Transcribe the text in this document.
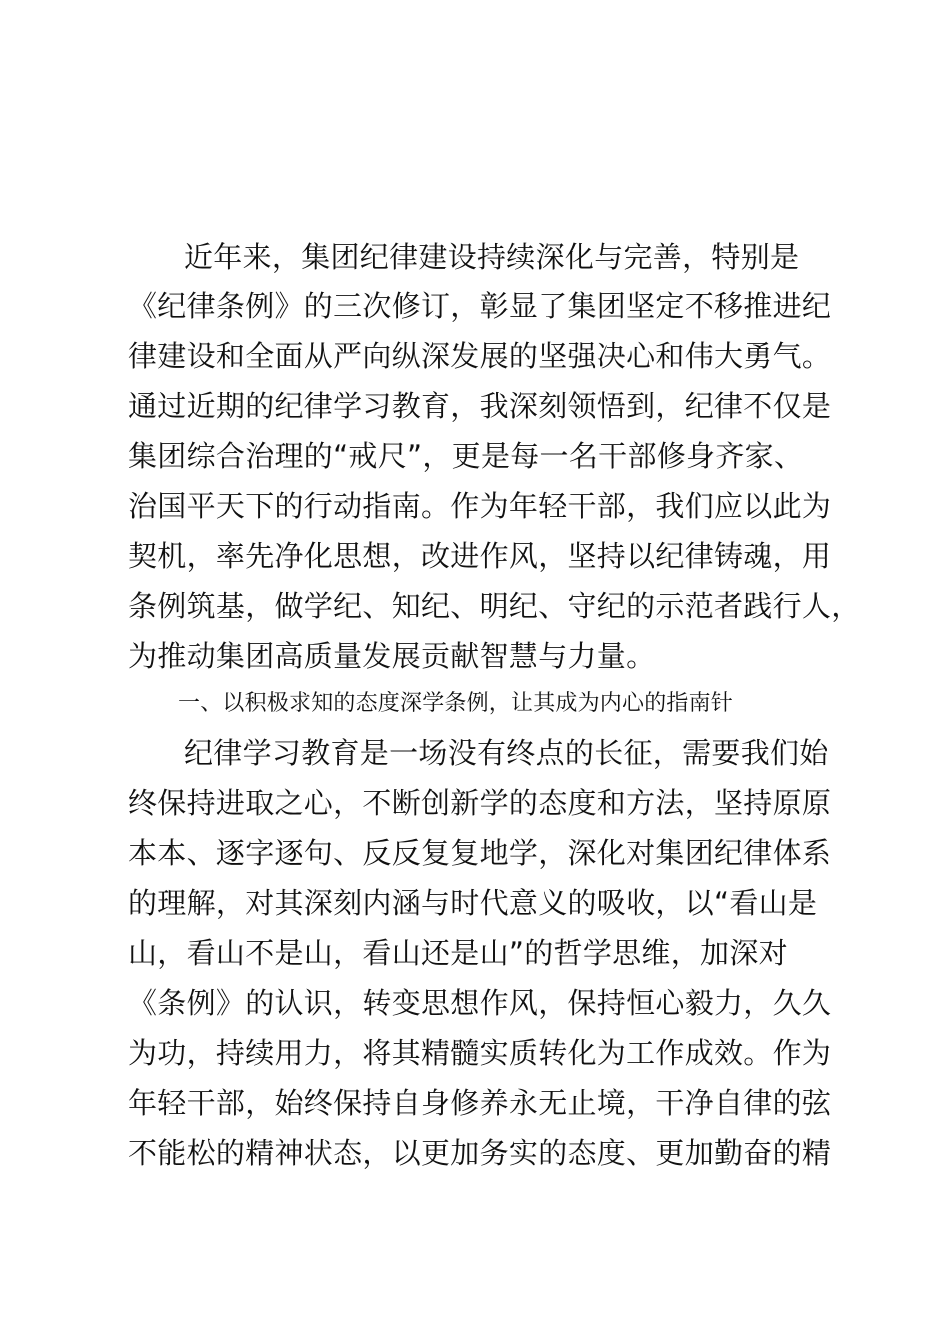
近年来，集团纪律建设持续深化与完善，特别是
《纪律条例》的三次修订，彰显了集团坚定不移推进纪
律建设和全面从严向纵深发展的坚强决心和伟大勇气。
通过近期的纪律学习教育，我深刻领悟到，纪律不仅是
集团综合治理的“戒尺”，更是每一名干部修身齐家、
治国平天下的行动指南。作为年轻干部，我们应以此为
契机，率先净化思想，改进作风，坚持以纪律铸魂，用
条例筑基，做学纪、知纪、明纪、守纪的示范者践行人，
为推动集团高质量发展贡献智慧与力量。
一、以积极求知的态度深学条例，让其成为内心的指南针
纪律学习教育是一场没有终点的长征，需要我们始
终保持进取之心，不断创新学的态度和方法，坚持原原
本本、逐字逐句、反反复复地学，深化对集团纪律体系
的理解，对其深刻内涵与时代意义的吸收，以“看山是
山，看山不是山，看山还是山”的哲学思维，加深对
《条例》的认识，转变思想作风，保持恒心毅力，久久
为功，持续用力，将其精髓实质转化为工作成效。作为
年轻干部，始终保持自身修养永无止境，干净自律的弦
不能松的精神状态，以更加务实的态度、更加勤奋的精
